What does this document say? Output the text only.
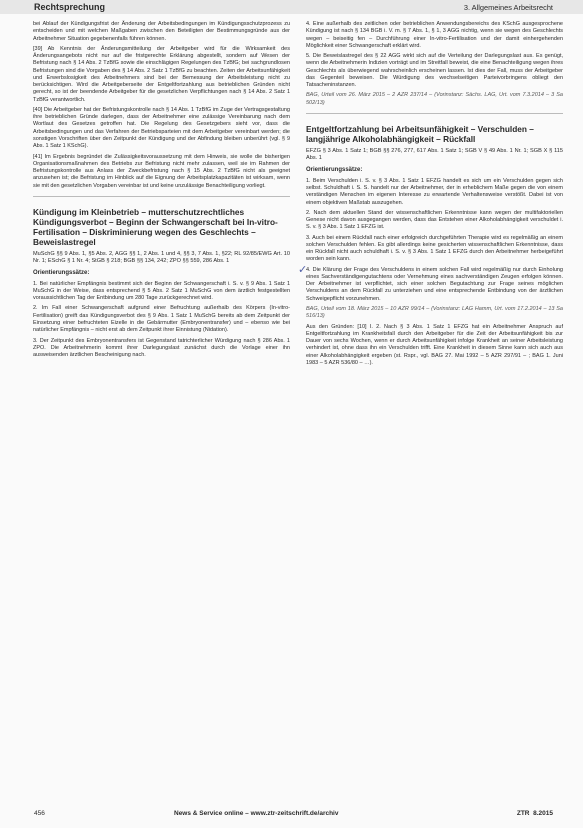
Rechtsprechung	3. Allgemeines Arbeitsrecht

bei Ablauf der Kündigungsfrist der Änderung der Arbeitsbedingungen im Kündigungsschutzprozess zu entscheiden und mit welchen Maßgaben zwischen den Beteiligten der Bestimmungsgründe aus der Arbeitnehmer Situation gegebenenfalls führen können.

[39] Ab Kenntnis der Änderungsmitteilung der Arbeitgeber wird für die Wirksamkeit des Änderungsangebots nicht nur auf die fristgerechte Erklärung abgestellt, sondern auf Wesen der Befristung nach § 14 Abs. 2 TzBfG sowie die einschlägigen Regelungen des TzBfG; bei sachgrundlosen Befristungen sind die Vorgaben des § 14 Abs. 2 Satz 1 TzBfG zu beachten. Zeiten der Arbeitsunfähigkeit und Erwerbslosigkeit des Arbeitnehmers sind bei der Bemessung der Arbeitsleistung nicht zu berücksichtigen. Wird die Arbeitgeberseite der Entgeltfortzahlung aus betrieblichen Gründen nicht gerecht, so ist der beendende Arbeitgeber für die gesetzlichen Verpflichtungen nach § 14 Abs. 2 Satz 1 TzBfG verantwortlich.

[40] Die Arbeitgeber hat der Befristungskontrolle nach § 14 Abs. 1 TzBfG im Zuge der Vertragsgestaltung ihre betrieblichen Gründe darlegen, dass der Arbeitnehmer eine zulässige Vereinbarung nach dem Wortlaut des Gesetzes getroffen hat. Die Regelung des Gesetzgebers sieht vor, dass die Arbeitsbedingungen und das Verfahren der Betriebsparteien mit dem Arbeitgeber vereinbart werden; die sonstigen Vorschriften über den Zeitpunkt der Kündigung und der Abfindung bleiben unberührt (vgl. § 9 Abs. 1 Satz 1 KSchG).

[41] Im Ergebnis begründet die Zulässigkeitsvoraussetzung mit dem Hinweis, sie wolle die bisherigen Organisationsmaßnahmen des Betriebs zur Befristung nicht mehr zulassen, weil sie im Rahmen der Befristungskontrolle aus Anlass der Zweckbefristung nach § 15 Abs. 2 TzBfG nicht als geeignet anzusehen ist; die Befristung im Hinblick auf die Eignung der Arbeitsplatzkapazitäten ist wirksam, wenn sie mit den gesetzlichen Vorgaben vereinbar ist und keine unzulässige Benachteiligung vorliegt.

Kündigung im Kleinbetrieb – mutterschutzrechtliches Kündigungsverbot – Beginn der Schwangerschaft bei In-vitro-Fertilisation – Diskriminierung wegen des Geschlechts – Beweislastregel

MuSchG §§ 9 Abs. 1, §5 Abs. 2, AGG §§ 1, 2 Abs. 1 und 4, §§ 3, 7 Abs. 1, §22; RL 92/85/EWG Art. 10 Nr. 1; ESchG § 1 Nr. 4; StGB § 218; BGB §§ 134, 242; ZPO §§ 559, 286 Abs. 1

Orientierungssätze:

1. Bei natürlicher Empfängnis bestimmt sich der Beginn der Schwangerschaft i. S. v. § 9 Abs. 1 Satz 1 MuSchG in der Weise, dass entsprechend § 5 Abs. 2 Satz 1 MuSchG von dem ärztlich festgestellten voraussichtlichen Tag der Entbindung um 280 Tage zurückgerechnet wird.

2. Im Fall einer Schwangerschaft aufgrund einer Befruchtung außerhalb des Körpers (In-vitro-Fertilisation) greift das Kündigungsverbot des § 9 Abs. 1 Satz 1 MuSchG bereits ab dem Zeitpunkt der Einsetzung einer befruchteten Eizelle in die Gebärmutter (Embryonentransfer) und – ebenso wie bei natürlicher Empfängnis – nicht erst ab dem Zeitpunkt ihrer Einnistung (Nidation).

3. Der Zeitpunkt des Embryonentransfers ist Gegenstand tatrichterlicher Würdigung nach § 286 Abs. 1 ZPO. Die Arbeitnehmerin kommt ihrer Darlegungslast zunächst durch die Vorlage einer ihn ausweisenden ärztlichen Bescheinigung nach.

✓

4. Eine außerhalb des zeitlichen oder betrieblichen Anwendungsbereichs des KSchG ausgesprochene Kündigung ist nach § 134 BGB i. V. m. § 7 Abs. 1, § 1, 3 AGG nichtig, wenn sie wegen des Geschlechts wegen – beiseitig fen – Durchführung einer In-vitro-Fertilisation und der damit einhergehenden Möglichkeit einer Schwangerschaft erklärt wird.

5. Die Beweislastregel des § 22 AGG wirkt sich auf die Verteilung der Darlegungslast aus. Es genügt, wenn die Arbeitnehmerin Indizien vorträgt und im Streitfall beweist, die eine Benachteiligung wegen ihres Geschlechts als überwiegend wahrscheinlich erscheinen lassen. Ist dies der Fall, muss der Arbeitgeber das Gegenteil beweisen. Die Würdigung des wechselseitigen Parteivorbringens obliegt den Tatsacheninstanzen.

BAG, Urteil vom 26. März 2015 – 2 AZR 237/14 – (Vorinstanz: Sächs. LAG, Urt. vom 7.3.2014 – 3 Sa 502/13)

Entgeltfortzahlung bei Arbeitsunfähigkeit – Verschulden – langjährige Alkoholabhängigkeit – Rückfall

EFZG § 3 Abs. 1 Satz 1; BGB §§ 276, 277, 617 Abs. 1 Satz 1; SGB V § 49 Abs. 1 Nr. 1; SGB X § 115 Abs. 1

Orientierungssätze:

1. Beim Verschulden i. S. v. § 3 Abs. 1 Satz 1 EFZG handelt es sich um ein Verschulden gegen sich selbst. Schuldhaft i. S. S. handelt nur der Arbeitnehmer, der in erheblichem Maße gegen die von einem verständigen Menschen im eigenen Interesse zu erwartende Verhaltensweise verstößt. Dabei ist von einem objektiven Maßstab auszugehen.

2. Nach dem aktuellen Stand der wissenschaftlichen Erkenntnisse kann wegen der multifaktoriellen Genese nicht davon ausgegangen werden, dass das Entstehen einer Alkoholabhängigkeit verschuldet i. S. v. § 3 Abs. 1 Satz 1 EFZG ist.

3. Auch bei einem Rückfall nach einer erfolgreich durchgeführten Therapie wird es regelmäßig an einem solchen Verschulden fehlen. Es gibt allerdings keine gesicherten wissenschaftlichen Erkenntnisse, dass ein Rückfall nicht auch schuldhaft i. S. v. § 3 Abs. 1 Satz 1 EFZG durch den Arbeitnehmer herbeigeführt worden sein kann.

4. Die Klärung der Frage des Verschuldens in einem solchen Fall wird regelmäßig nur durch Einholung eines Sachverständigengutachtens oder Vernehmung eines sachverständigen Zeugen erfolgen können. Der Arbeitnehmer ist verpflichtet, sich einer solchen Begutachtung zur Frage seines möglichen Verschuldens an dem Rückfall zu unterziehen und eine entsprechende Entbindung von der ärztlichen Schweigepflicht vorzunehmen.

BAG, Urteil vom 18. März 2015 – 10 AZR 99/14 – (Vorinstanz: LAG Hamm, Urt. vom 17.2.2014 – 13 Sa 516/13)

Aus den Gründen: [10] I. 2. Nach § 3 Abs. 1 Satz 1 EFZG hat ein Arbeitnehmer Anspruch auf Entgeltfortzahlung im Krankheitsfall durch den Arbeitgeber für die Zeit der Arbeitsunfähigkeit bis zur Dauer von sechs Wochen, wenn er durch Arbeitsunfähigkeit infolge Krankheit an seiner Arbeitsleistung verhindert ist, ohne dass ihn ein Verschulden trifft. Eine Krankheit in diesem Sinne kann sich auch aus einer Alkoholabhängigkeit ergeben (st. Rspr., vgl. BAG 27. Mai 1992 – 5 AZR 297/91 – ; BAG 1. Juni 1983 – 5 AZR 536/80 – …).

456	News & Service online – www.ztr-zeitschrift.de/archiv	ZTR 8.2015
